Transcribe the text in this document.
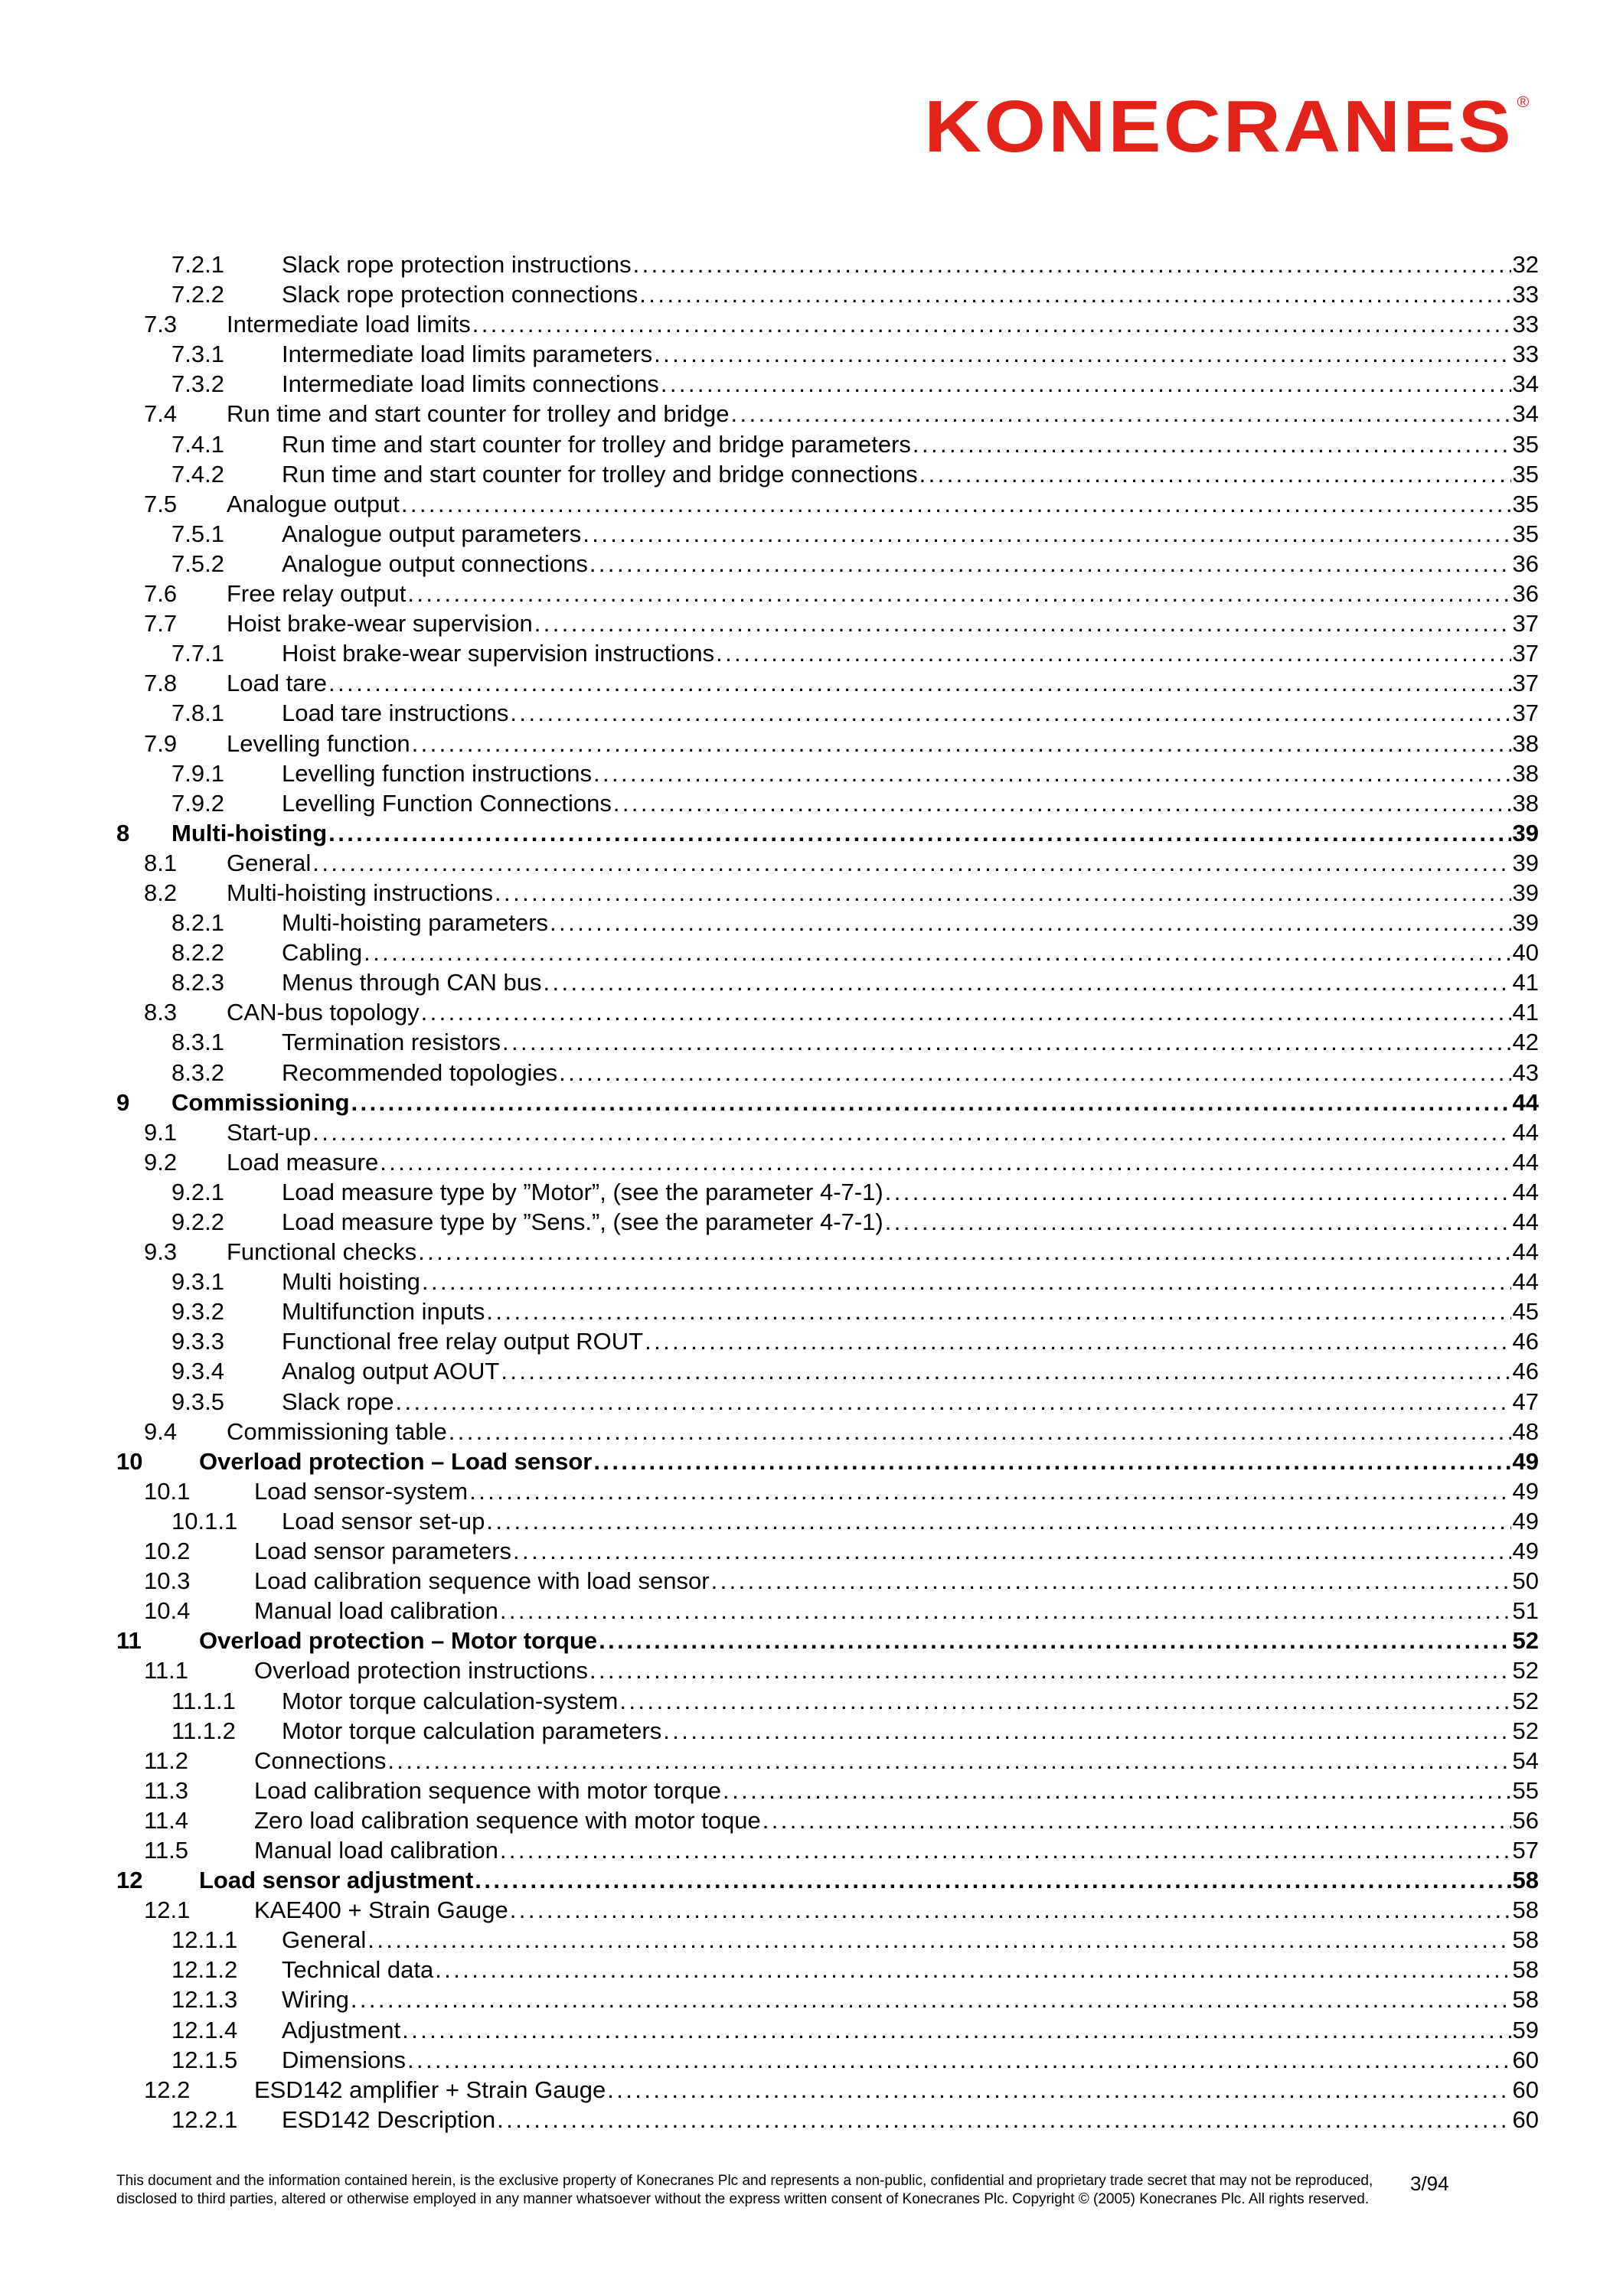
KONECRANES ®
7.2.1	Slack rope protection instructions . . .	32
7.2.2	Slack rope protection connections . . .	33
7.3	Intermediate load limits . . .	33
7.3.1	Intermediate load limits parameters . . .	33
7.3.2	Intermediate load limits connections . . .	34
7.4	Run time and start counter for trolley and bridge . . .	34
7.4.1	Run time and start counter for trolley and bridge parameters . . .	35
7.4.2	Run time and start counter for trolley and bridge connections . . .	35
7.5	Analogue output . . .	35
7.5.1	Analogue output parameters . . .	35
7.5.2	Analogue output connections . . .	36
7.6	Free relay output . . .	36
7.7	Hoist brake-wear supervision . . .	37
7.7.1	Hoist brake-wear supervision instructions . . .	37
7.8	Load tare . . .	37
7.8.1	Load tare instructions . . .	37
7.9	Levelling function . . .	38
7.9.1	Levelling function instructions . . .	38
7.9.2	Levelling Function Connections . . .	38
8	Multi-hoisting . . .	39
8.1	General . . .	39
8.2	Multi-hoisting instructions . . .	39
8.2.1	Multi-hoisting parameters . . .	39
8.2.2	Cabling . . .	40
8.2.3	Menus through CAN bus . . .	41
8.3	CAN-bus topology . . .	41
8.3.1	Termination resistors . . .	42
8.3.2	Recommended topologies . . .	43
9	Commissioning . . .	44
9.1	Start-up . . .	44
9.2	Load measure . . .	44
9.2.1	Load measure type by ”Motor”, (see the parameter 4-7-1) . . .	44
9.2.2	Load measure type by ”Sens.”, (see the parameter 4-7-1) . . .	44
9.3	Functional checks . . .	44
9.3.1	Multi hoisting . . .	44
9.3.2	Multifunction inputs . . .	45
9.3.3	Functional free relay output ROUT . . .	46
9.3.4	Analog output AOUT . . .	46
9.3.5	Slack rope . . .	47
9.4	Commissioning table . . .	48
10	Overload protection – Load sensor . . .	49
10.1	Load sensor-system . . .	49
10.1.1	Load sensor set-up . . .	49
10.2	Load sensor parameters . . .	49
10.3	Load calibration sequence with load sensor . . .	50
10.4	Manual load calibration . . .	51
11	Overload protection – Motor torque . . .	52
11.1	Overload protection instructions . . .	52
11.1.1	Motor torque calculation-system . . .	52
11.1.2	Motor torque calculation parameters . . .	52
11.2	Connections . . .	54
11.3	Load calibration sequence with motor torque . . .	55
11.4	Zero load calibration sequence with motor toque . . .	56
11.5	Manual load calibration . . .	57
12	Load sensor adjustment . . .	58
12.1	KAE400 + Strain Gauge . . .	58
12.1.1	General . . .	58
12.1.2	Technical data . . .	58
12.1.3	Wiring . . .	58
12.1.4	Adjustment . . .	59
12.1.5	Dimensions . . .	60
12.2	ESD142 amplifier + Strain Gauge . . .	60
12.2.1	ESD142 Description . . .	60
This document and the information contained herein, is the exclusive property of Konecranes Plc and represents a non-public, confidential and proprietary trade secret that may not be reproduced, disclosed to third parties, altered or otherwise employed in any manner whatsoever without the express written consent of Konecranes Plc. Copyright © (2005) Konecranes Plc. All rights reserved.
3/94
